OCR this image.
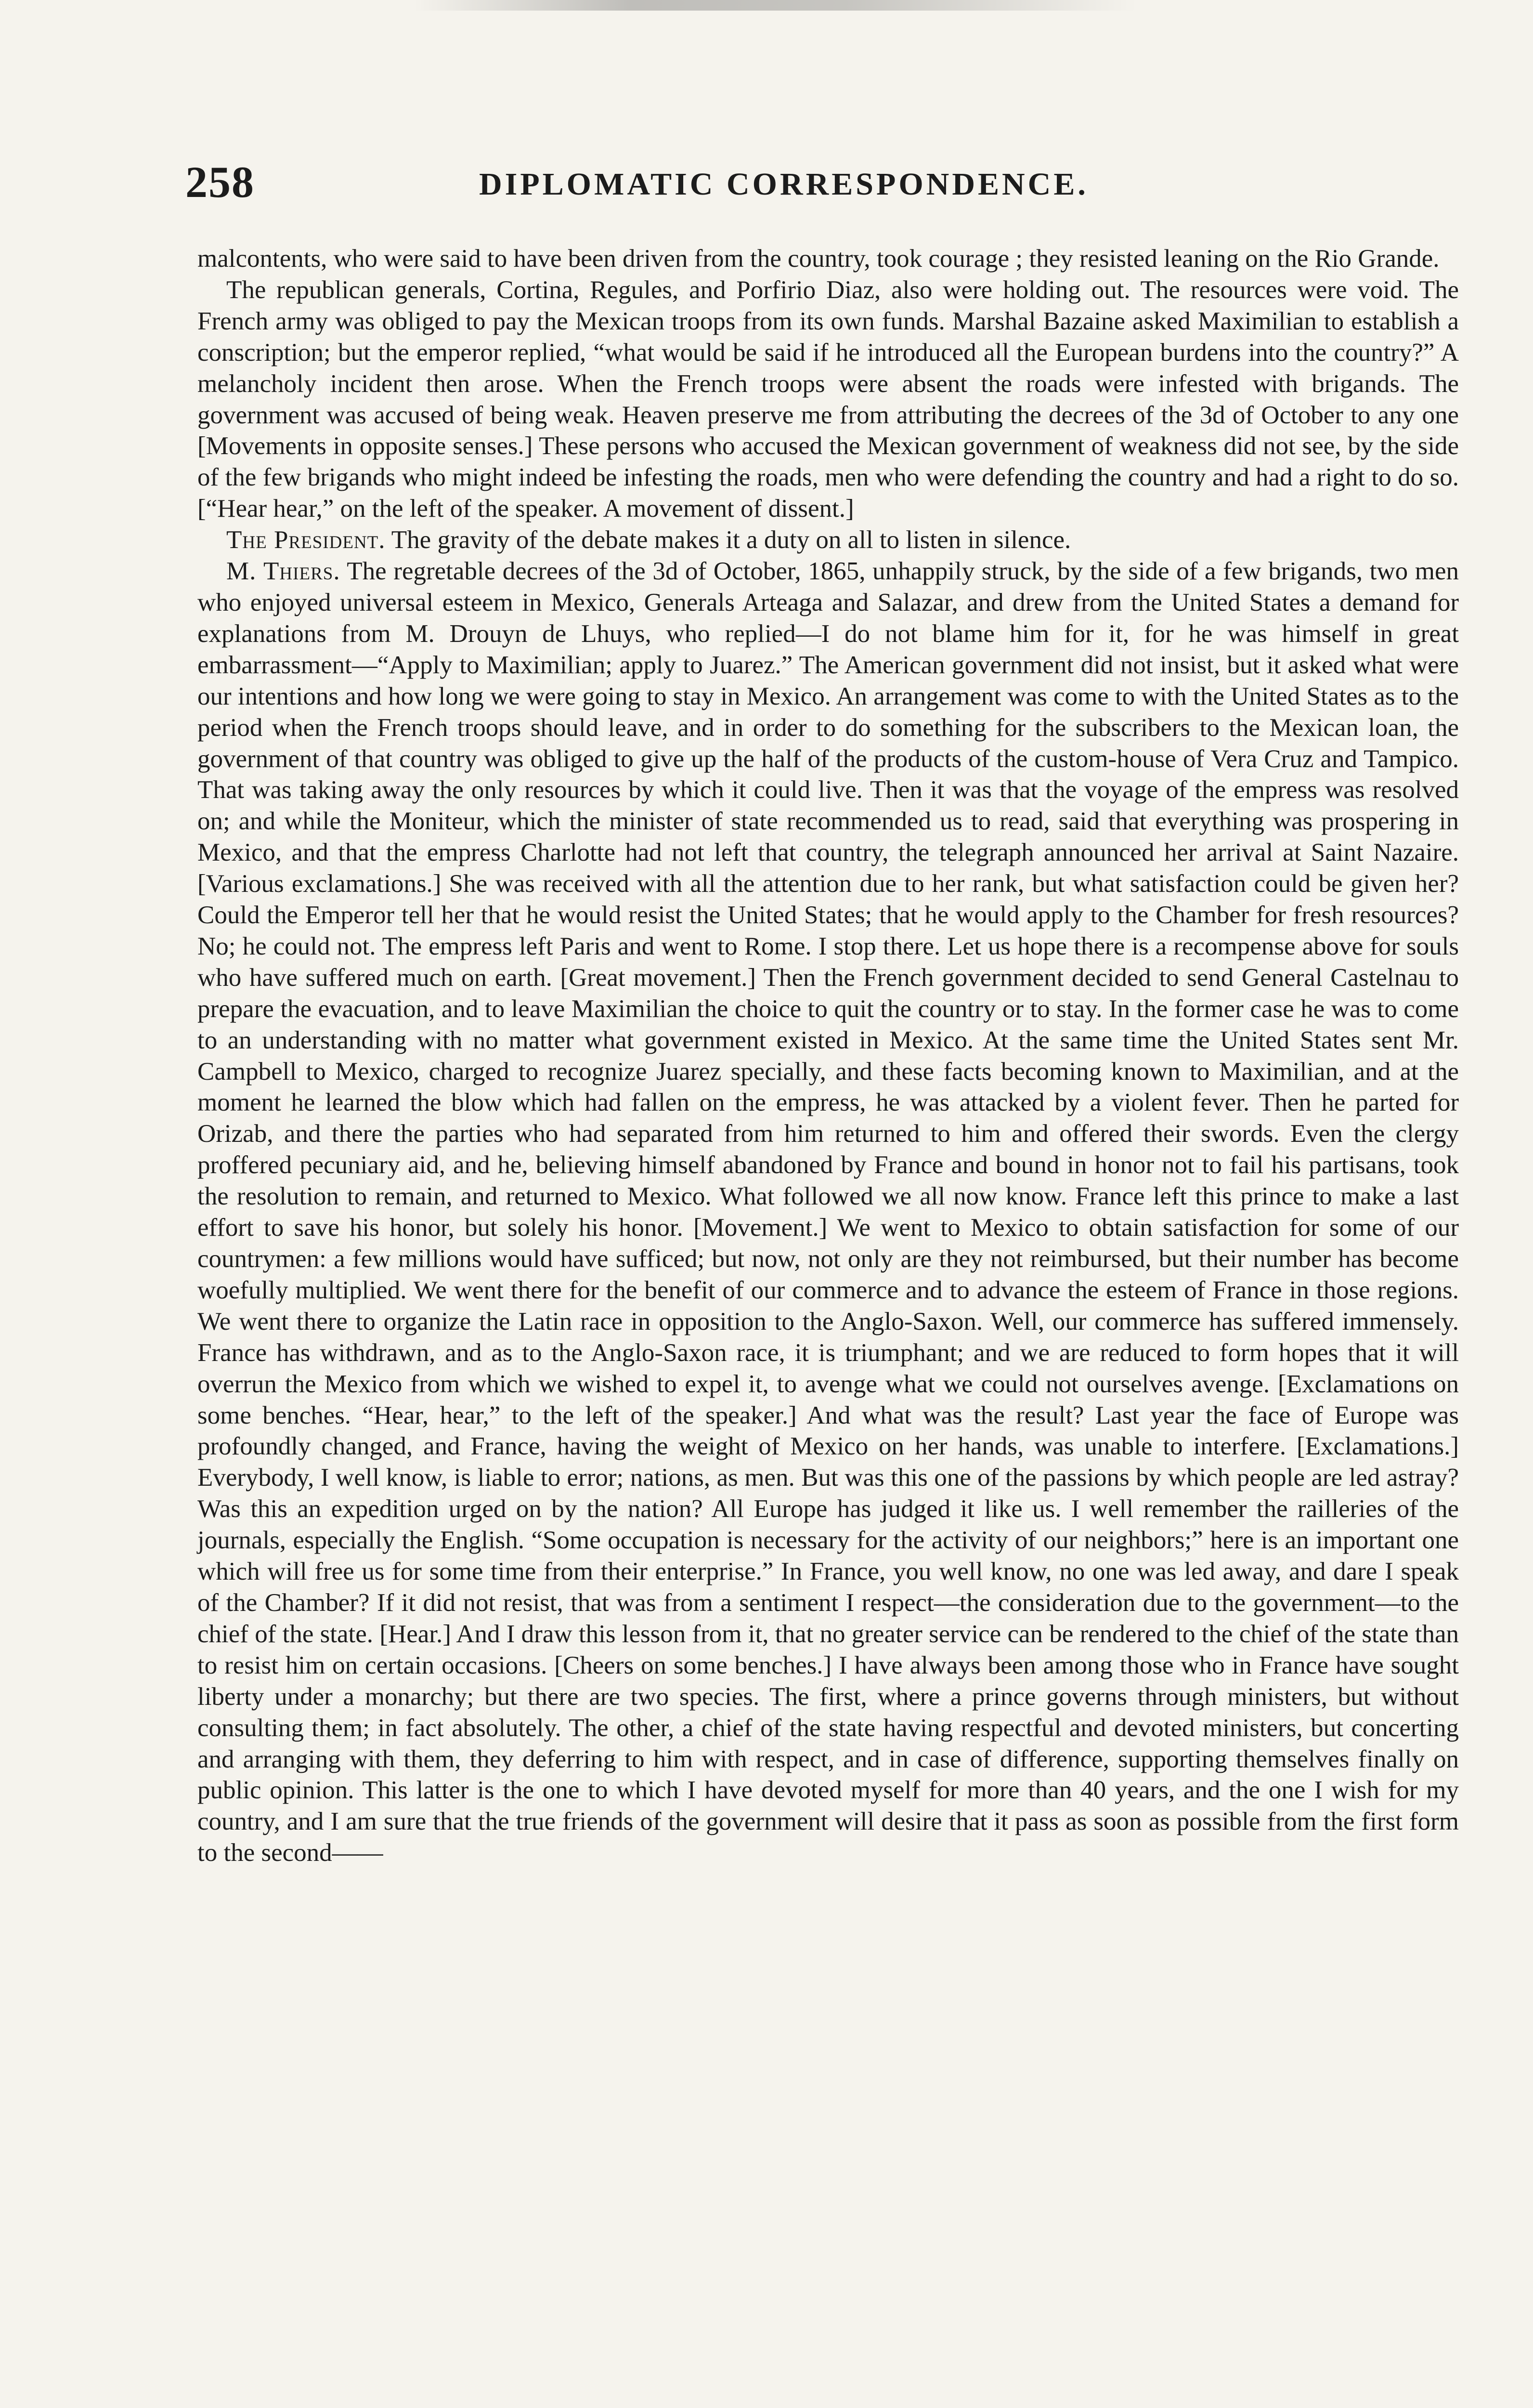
258	DIPLOMATIC CORRESPONDENCE.

malcontents, who were said to have been driven from the country, took courage ; they resisted leaning on the Rio Grande.

The republican generals, Cortina, Regules, and Porfirio Diaz, also were holding out. The resources were void. The French army was obliged to pay the Mexican troops from its own funds. Marshal Bazaine asked Maximilian to establish a conscription; but the emperor replied, “what would be said if he introduced all the European burdens into the country?” A melancholy incident then arose. When the French troops were absent the roads were infested with brigands. The government was accused of being weak. Heaven preserve me from attributing the decrees of the 3d of October to any one [Movements in opposite senses.] These persons who accused the Mexican government of weakness did not see, by the side of the few brigands who might indeed be infesting the roads, men who were defending the country and had a right to do so. [“Hear hear,” on the left of the speaker. A movement of dissent.]

The President. The gravity of the debate makes it a duty on all to listen in silence.

M. Thiers. The regretable decrees of the 3d of October, 1865, unhappily struck, by the side of a few brigands, two men who enjoyed universal esteem in Mexico, Generals Arteaga and Salazar, and drew from the United States a demand for explanations from M. Drouyn de Lhuys, who replied—I do not blame him for it, for he was himself in great embarrassment—“Apply to Maximilian; apply to Juarez.” The American government did not insist, but it asked what were our intentions and how long we were going to stay in Mexico. An arrangement was come to with the United States as to the period when the French troops should leave, and in order to do something for the subscribers to the Mexican loan, the government of that country was obliged to give up the half of the products of the custom-house of Vera Cruz and Tampico. That was taking away the only resources by which it could live. Then it was that the voyage of the empress was resolved on; and while the Moniteur, which the minister of state recommended us to read, said that everything was prospering in Mexico, and that the empress Charlotte had not left that country, the telegraph announced her arrival at Saint Nazaire. [Various exclamations.] She was received with all the attention due to her rank, but what satisfaction could be given her? Could the Emperor tell her that he would resist the United States; that he would apply to the Chamber for fresh resources? No; he could not. The empress left Paris and went to Rome. I stop there. Let us hope there is a recompense above for souls who have suffered much on earth. [Great movement.] Then the French government decided to send General Castelnau to prepare the evacuation, and to leave Maximilian the choice to quit the country or to stay. In the former case he was to come to an understanding with no matter what government existed in Mexico. At the same time the United States sent Mr. Campbell to Mexico, charged to recognize Juarez specially, and these facts becoming known to Maximilian, and at the moment he learned the blow which had fallen on the empress, he was attacked by a violent fever. Then he parted for Orizab, and there the parties who had separated from him returned to him and offered their swords. Even the clergy proffered pecuniary aid, and he, believing himself abandoned by France and bound in honor not to fail his partisans, took the resolution to remain, and returned to Mexico. What followed we all now know. France left this prince to make a last effort to save his honor, but solely his honor. [Movement.] We went to Mexico to obtain satisfaction for some of our countrymen: a few millions would have sufficed; but now, not only are they not reimbursed, but their number has become woefully multiplied. We went there for the benefit of our commerce and to advance the esteem of France in those regions. We went there to organize the Latin race in opposition to the Anglo-Saxon. Well, our commerce has suffered immensely. France has withdrawn, and as to the Anglo-Saxon race, it is triumphant; and we are reduced to form hopes that it will overrun the Mexico from which we wished to expel it, to avenge what we could not ourselves avenge. [Exclamations on some benches. “Hear, hear,” to the left of the speaker.] And what was the result? Last year the face of Europe was profoundly changed, and France, having the weight of Mexico on her hands, was unable to interfere. [Exclamations.] Everybody, I well know, is liable to error; nations, as men. But was this one of the passions by which people are led astray? Was this an expedition urged on by the nation? All Europe has judged it like us. I well remember the railleries of the journals, especially the English. “Some occupation is necessary for the activity of our neighbors;” here is an important one which will free us for some time from their enterprise.” In France, you well know, no one was led away, and dare I speak of the Chamber? If it did not resist, that was from a sentiment I respect—the consideration due to the government—to the chief of the state. [Hear.] And I draw this lesson from it, that no greater service can be rendered to the chief of the state than to resist him on certain occasions. [Cheers on some benches.] I have always been among those who in France have sought liberty under a monarchy; but there are two species. The first, where a prince governs through ministers, but without consulting them; in fact absolutely. The other, a chief of the state having respectful and devoted ministers, but concerting and arranging with them, they deferring to him with respect, and in case of difference, supporting themselves finally on public opinion. This latter is the one to which I have devoted myself for more than 40 years, and the one I wish for my country, and I am sure that the true friends of the government will desire that it pass as soon as possible from the first form to the second——
